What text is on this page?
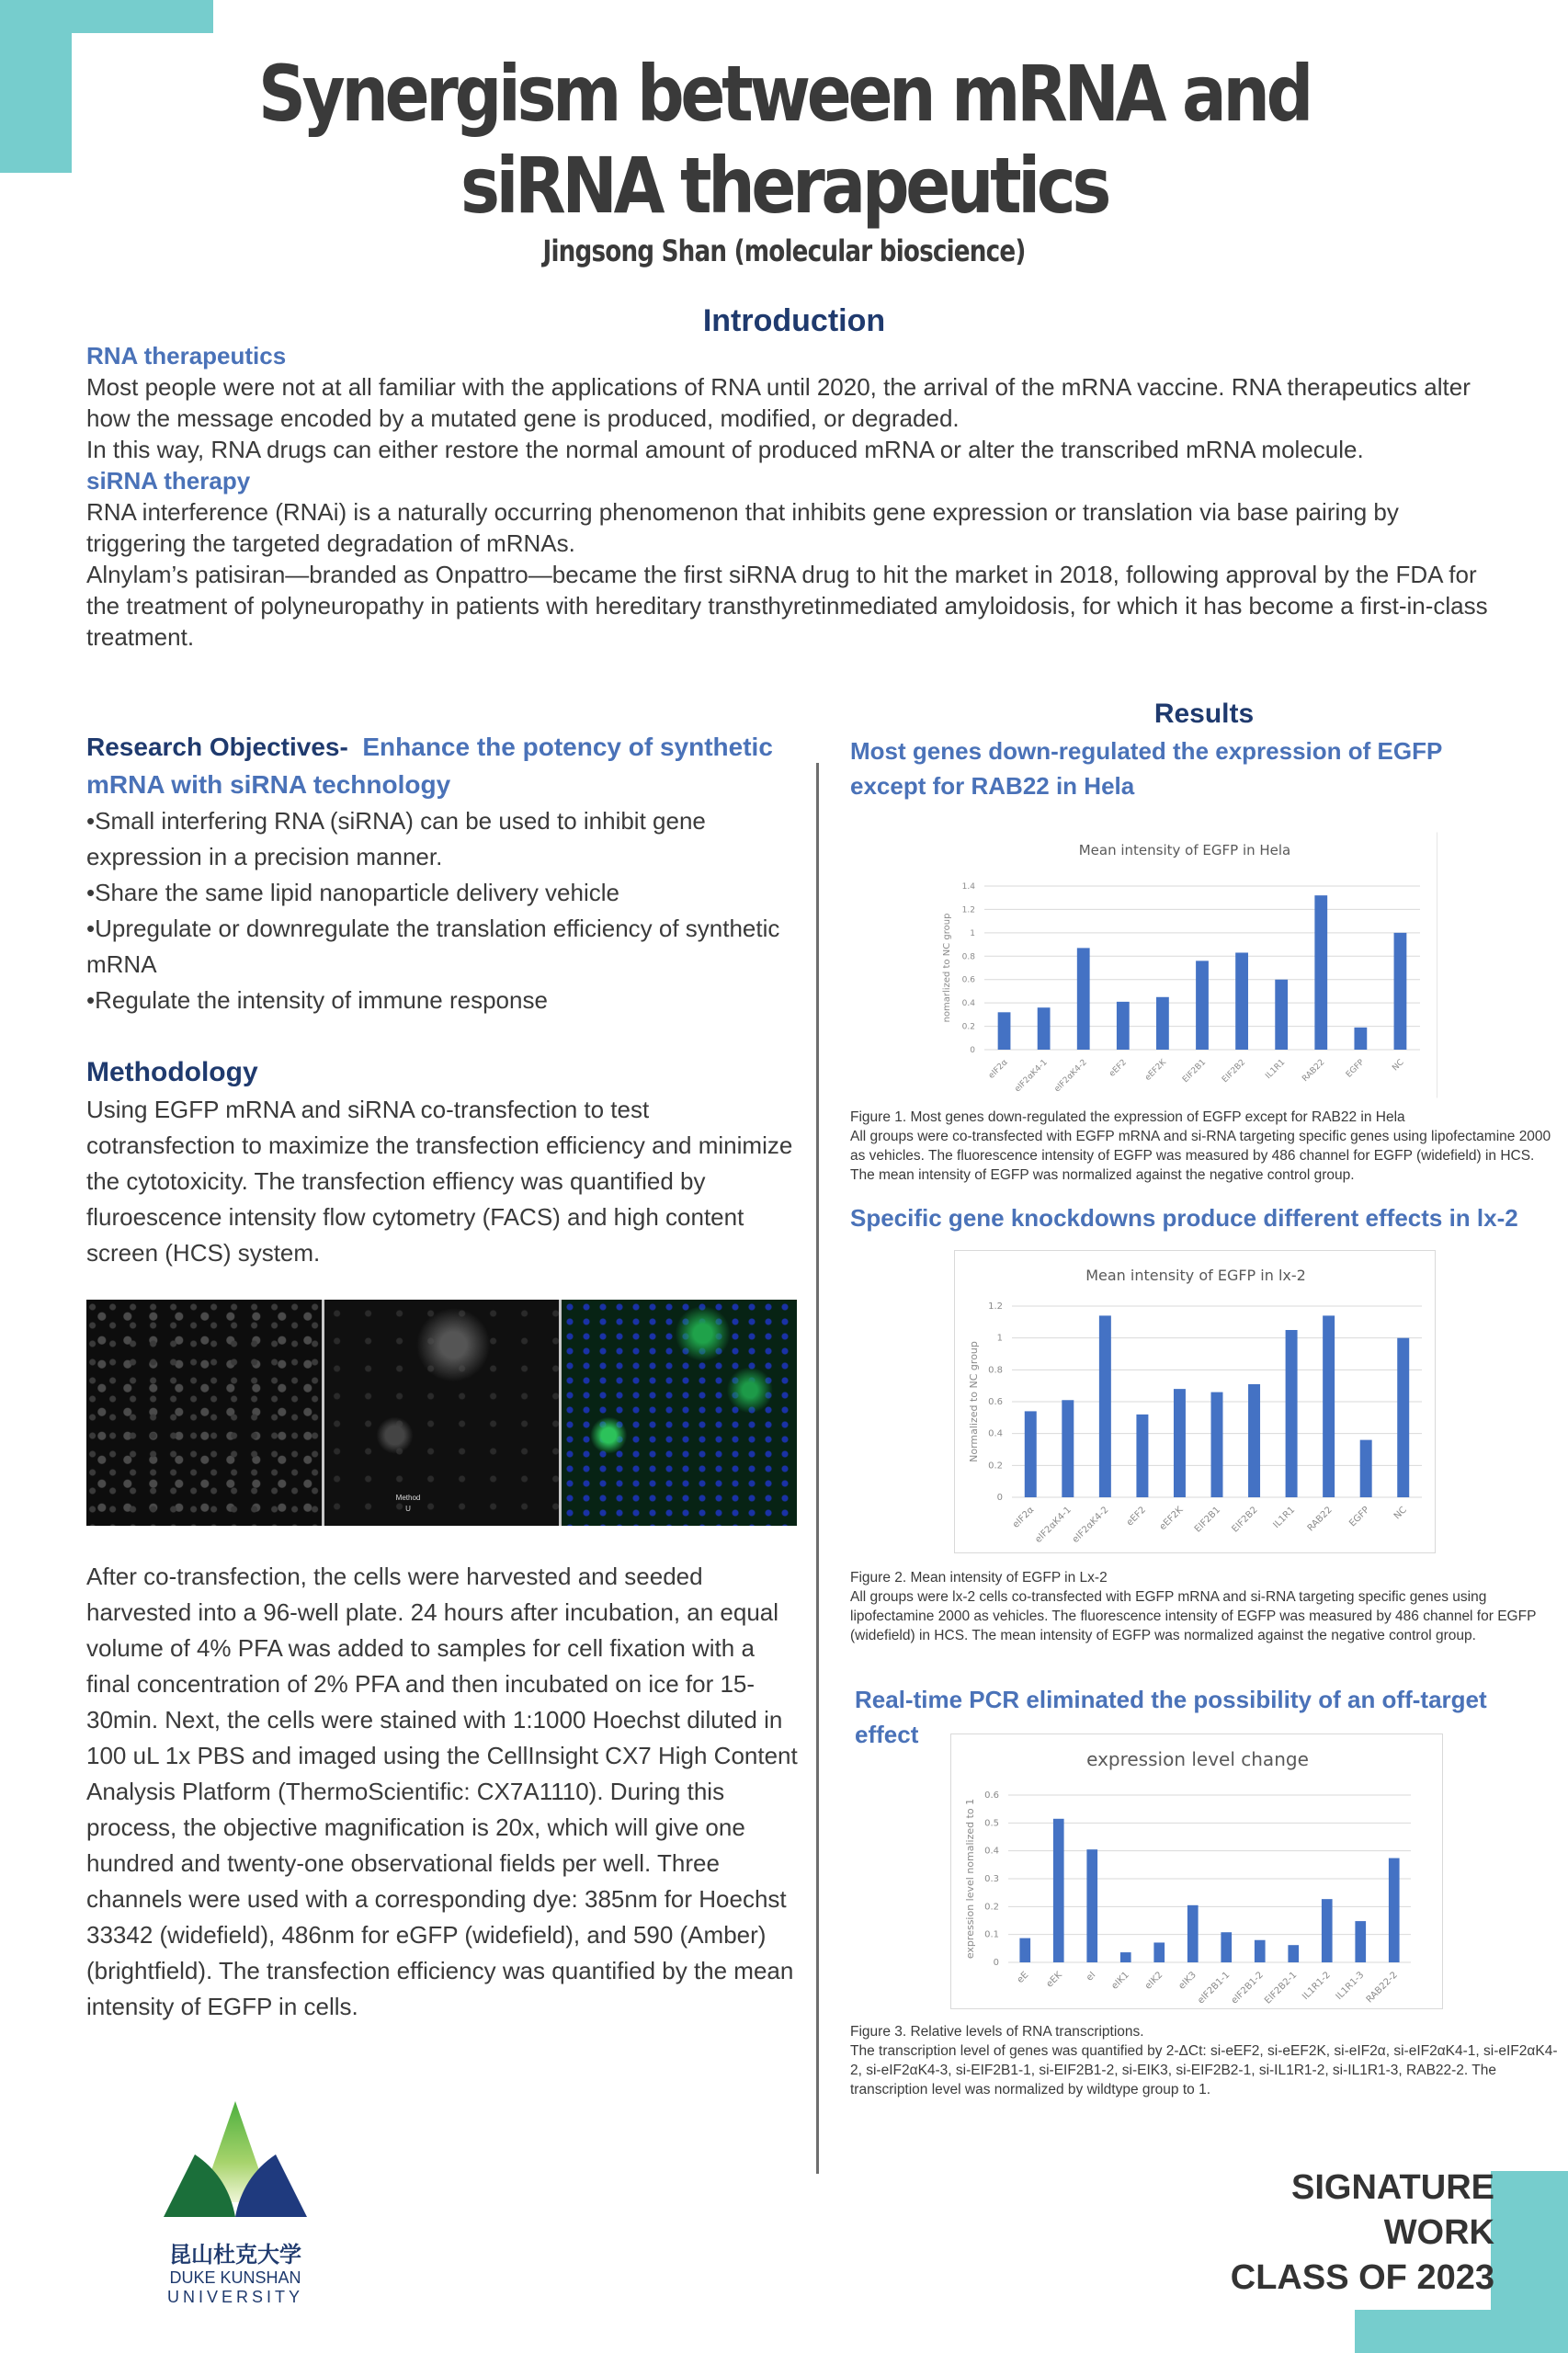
Synergism between mRNA and
siRNA therapeutics
Jingsong Shan (molecular bioscience)
Introduction
RNA therapeutics
Most people were not at all familiar with the applications of RNA until 2020, the arrival of the mRNA vaccine. RNA therapeutics alter how the message encoded by a mutated gene is produced, modified, or degraded.
In this way, RNA drugs can either restore the normal amount of produced mRNA or alter the transcribed mRNA molecule.
siRNA therapy
RNA interference (RNAi) is a naturally occurring phenomenon that inhibits gene expression or translation via base pairing by triggering the targeted degradation of mRNAs.
Alnylam’s patisiran—branded as Onpattro—became the first siRNA drug to hit the market in 2018, following approval by the FDA for the treatment of polyneuropathy in patients with hereditary transthyretinmediated amyloidosis, for which it has become a first-in-class treatment.
Research Objectives- Enhance the potency of synthetic mRNA with siRNA technology
•Small interfering RNA (siRNA) can be used to inhibit gene expression in a precision manner.
•Share the same lipid nanoparticle delivery vehicle
•Upregulate or downregulate the translation efficiency of synthetic mRNA
•Regulate the intensity of immune response
Methodology
Using EGFP mRNA and siRNA co-transfection to test cotransfection to maximize the transfection efficiency and minimize the cytotoxicity. The transfection effiency was quantified by fluroescence intensity flow cytometry (FACS) and high content screen (HCS) system.
Method
U
After co-transfection, the cells were harvested and seeded harvested into a 96-well plate. 24 hours after incubation, an equal volume of 4% PFA was added to samples for cell fixation with a final concentration of 2% PFA and then incubated on ice for 15-30min. Next, the cells were stained with 1:1000 Hoechst diluted in 100 uL 1x PBS and imaged using the CellInsight CX7 High Content Analysis Platform (ThermoScientific: CX7A1110). During this process, the objective magnification is 20x, which will give one hundred and twenty-one observational fields per well. Three channels were used with a corresponding dye: 385nm for Hoechst 33342 (widefield), 486nm for eGFP (widefield), and 590 (Amber) (brightfield). The transfection efficiency was quantified by the mean intensity of EGFP in cells.
Results
Most genes down-regulated the expression of EGFP except for RAB22 in Hela
Mean intensity of EGFP in Hela
0
0.2
0.4
0.6
0.8
1
1.2
1.4
nomarlized to NC group
eIF2α eIF2αK4-1 eIF2αK4-2 eEF2 eEF2K EIF2B1 EIF2B2 IL1R1 RAB22 EGFP	NC
Figure 1. Most genes down-regulated the expression of EGFP except for RAB22 in Hela
All groups were co-transfected with EGFP mRNA and si-RNA targeting specific genes using lipofectamine 2000 as vehicles. The fluorescence intensity of EGFP was measured by 486 channel for EGFP (widefield) in HCS. The mean intensity of EGFP was normalized against the negative control group.
Specific gene knockdowns produce different effects in lx-2
Mean intensity of EGFP in lx-2
0
0.2
0.4
0.6
0.8
1
1.2
Normalized to NC group
eIF2α
eIF2αK4-1
eIF2αK4-2 eEF2 eEF2K EIF2B1 EIF2B2 IL1R1 RAB22 EGFP NC
Figure 2. Mean intensity of EGFP in Lx-2
All groups were lx-2 cells co-transfected with EGFP mRNA and si-RNA targeting specific genes using lipofectamine 2000 as vehicles. The fluorescence intensity of EGFP was measured by 486 channel for EGFP (widefield) in HCS. The mean intensity of EGFP was normalized against the negative control group.
Real-time PCR eliminated the possibility of an off-target effect
expression level change
0
0.1
0.2
0.3
0.4
0.5
0.6
expression level nomalized to 1
eE eEK eI eIK1 eIK2 eIK3
eIF2B1-1
eIF2B1-2
EIF2B2-1 IL1R1-2 IL1R1-3
RAB22-2
Figure 3. Relative levels of RNA transcriptions.
The transcription level of genes was quantified by 2-ΔCt: si-eEF2, si-eEF2K, si-eIF2α, si-eIF2αK4-1, si-eIF2αK4-2, si-eIF2αK4-3, si-EIF2B1-1, si-EIF2B1-2, si-EIK3, si-EIF2B2-1, si-IL1R1-2, si-IL1R1-3, RAB22-2. The transcription level was normalized by wildtype group to 1.
昆山杜克大学
DUKE KUNSHAN
UNIVERSITY
SIGNATURE
WORK
CLASS OF 2023
